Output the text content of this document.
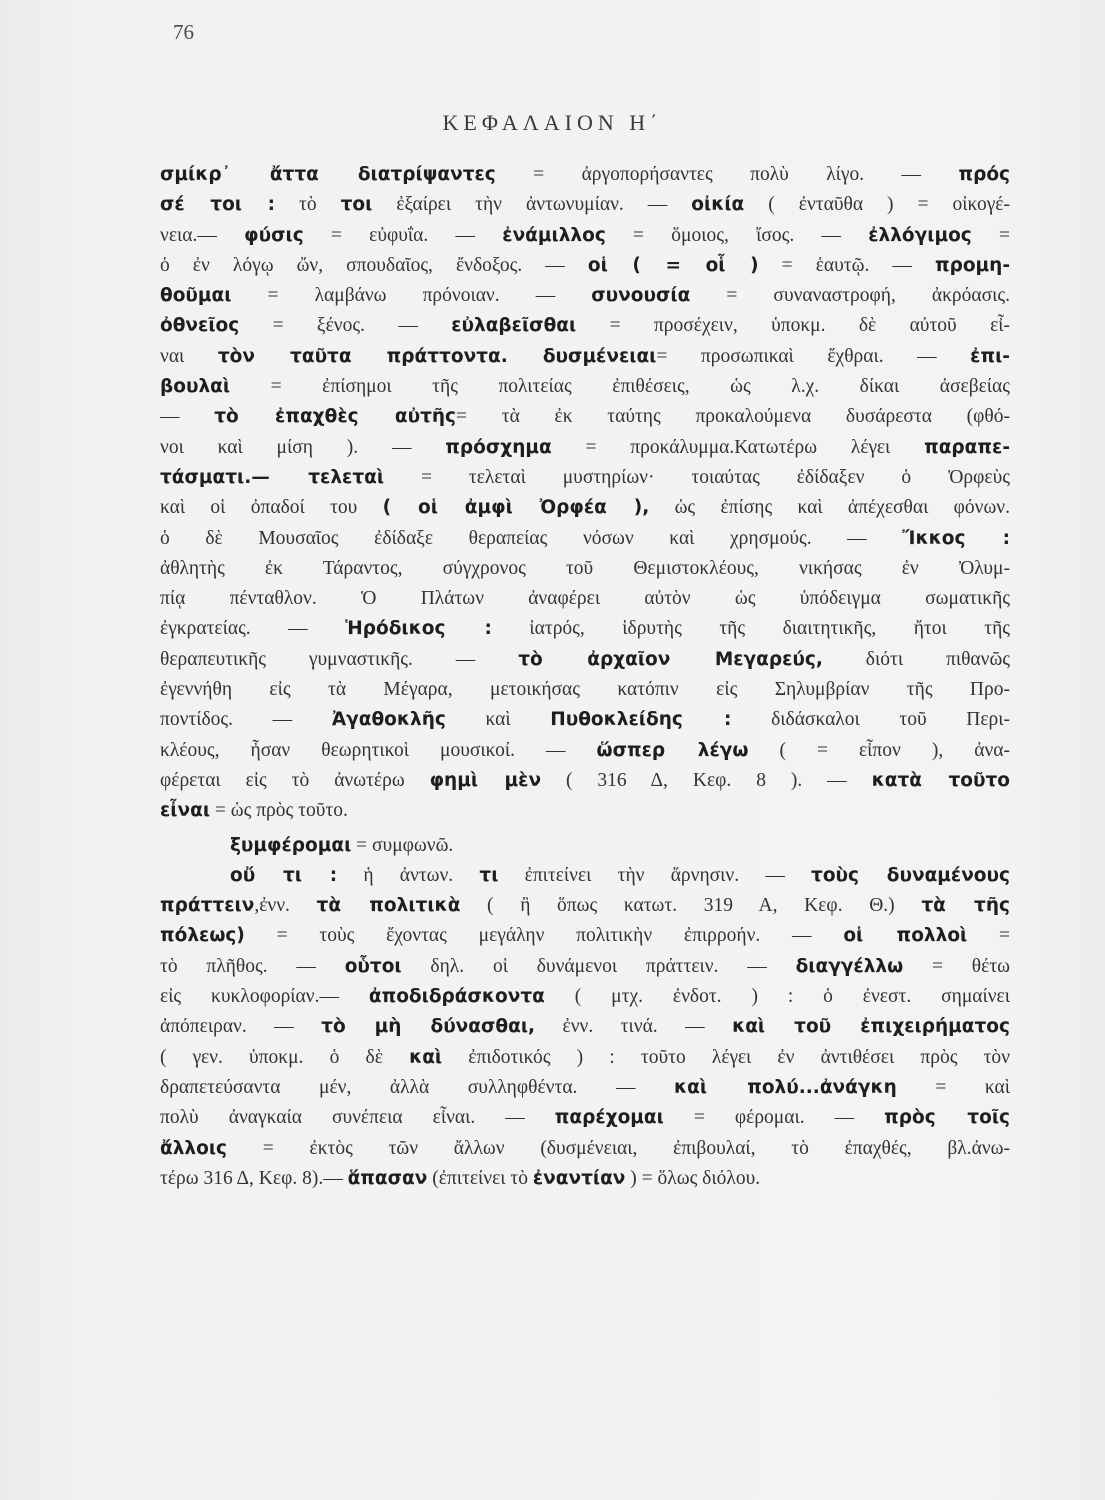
76
ΚΕΦΑΛΑΙΟΝ Η΄
σμίκρ᾽ ἄττα διατρίψαντες = ἀργοπορήσαντες πολὺ λίγο. — πρός
σέ τοι : τὸ τοι ἐξαίρει τὴν ἀντωνυμίαν. — οἰκία ( ἐνταῦθα ) = οἰκογέ-
νεια.— φύσις = εὐφυΐα. — ἐνάμιλλος = ὅμοιος, ἴσος. — ἐλλόγιμος =
ὁ ἐν λόγῳ ὤν, σπουδαῖος, ἔνδοξος. — οἱ ( = οἷ ) = ἑαυτῷ. — προμη-
θοῦμαι = λαμβάνω πρόνοιαν. — συνουσία = συναναστροφή, ἀκρόασις.
ὀθνεῖος = ξένος. — εὐλαβεῖσθαι = προσέχειν, ὑποκμ. δὲ αὐτοῦ εἶ-
ναι τὸν ταῦτα πράττοντα. δυσμένειαι= προσωπικαὶ ἔχθραι. — ἐπι-
βουλαὶ = ἐπίσημοι τῆς πολιτείας ἐπιθέσεις, ὡς λ.χ. δίκαι ἀσεβείας
— τὸ ἐπαχθὲς αὐτῆς= τὰ ἐκ ταύτης προκαλούμενα δυσάρεστα (φθό-
νοι καὶ μίση ). — πρόσχημα = προκάλυμμα.Κατωτέρω λέγει παραπε-
τάσματι.— τελεταὶ = τελεταὶ μυστηρίων· τοιαύτας ἐδίδαξεν ὁ Ὀρφεὺς
καὶ οἱ ὀπαδοί του ( οἱ ἀμφὶ Ὀρφέα ), ὡς ἐπίσης καὶ ἀπέχεσθαι φόνων.
ὁ δὲ Μουσαῖος ἐδίδαξε θεραπείας νόσων καὶ χρησμούς. — Ἴκκος :
ἀθλητὴς ἐκ Τάραντος, σύγχρονος τοῦ Θεμιστοκλέους, νικήσας ἐν Ὀλυμ-
πίᾳ πένταθλον. Ὁ Πλάτων ἀναφέρει αὐτὸν ὡς ὑπόδειγμα σωματικῆς
ἐγκρατείας. — Ἡρόδικος : ἰατρός, ἱδρυτὴς τῆς διαιτητικῆς, ἤτοι τῆς
θεραπευτικῆς γυμναστικῆς. — τὸ ἀρχαῖον Μεγαρεύς, διότι πιθανῶς
ἐγεννήθη εἰς τὰ Μέγαρα, μετοικήσας κατόπιν εἰς Σηλυμβρίαν τῆς Προ-
ποντίδος. — Ἀγαθοκλῆς καὶ Πυθοκλείδης : διδάσκαλοι τοῦ Περι-
κλέους, ἦσαν θεωρητικοὶ μουσικοί. — ὥσπερ λέγω ( = εἶπον ), ἀνα-
φέρεται εἰς τὸ ἀνωτέρω φημὶ μὲν ( 316 Δ, Κεφ. 8 ). — κατὰ τοῦτο
εἶναι = ὡς πρὸς τοῦτο.
ξυμφέρομαι = συμφωνῶ.
οὔ τι : ἡ ἀντων. τι ἐπιτείνει τὴν ἄρνησιν. — τοὺς δυναμένους
πράττειν,ἐνν. τὰ πολιτικὰ ( ἢ ὅπως κατωτ. 319 Α, Κεφ. Θ.) τὰ τῆς
πόλεως) = τοὺς ἔχοντας μεγάλην πολιτικὴν ἐπιρροήν. — οἱ πολλοὶ =
τὸ πλῆθος. — οὗτοι δηλ. οἱ δυνάμενοι πράττειν. — διαγγέλλω = θέτω
εἰς κυκλοφορίαν.— ἀποδιδράσκοντα ( μτχ. ἐνδοτ. ) : ὁ ἐνεστ. σημαίνει
ἀπόπειραν. — τὸ μὴ δύνασθαι, ἐνν. τινά. — καὶ τοῦ ἐπιχειρήματος
( γεν. ὑποκμ. ὁ δὲ καὶ ἐπιδοτικός ) : τοῦτο λέγει ἐν ἀντιθέσει πρὸς τὸν
δραπετεύσαντα μέν, ἀλλὰ συλληφθέντα. — καὶ πολύ...ἀνάγκη = καὶ
πολὺ ἀναγκαία συνέπεια εἶναι. — παρέχομαι = φέρομαι. — πρὸς τοῖς
ἄλλοις = ἐκτὸς τῶν ἄλλων (δυσμένειαι, ἐπιβουλαί, τὸ ἐπαχθές, βλ.ἀνω-
τέρω 316 Δ, Κεφ. 8).— ἅπασαν (ἐπιτείνει τὸ ἐναντίαν ) = ὅλως διόλου.
